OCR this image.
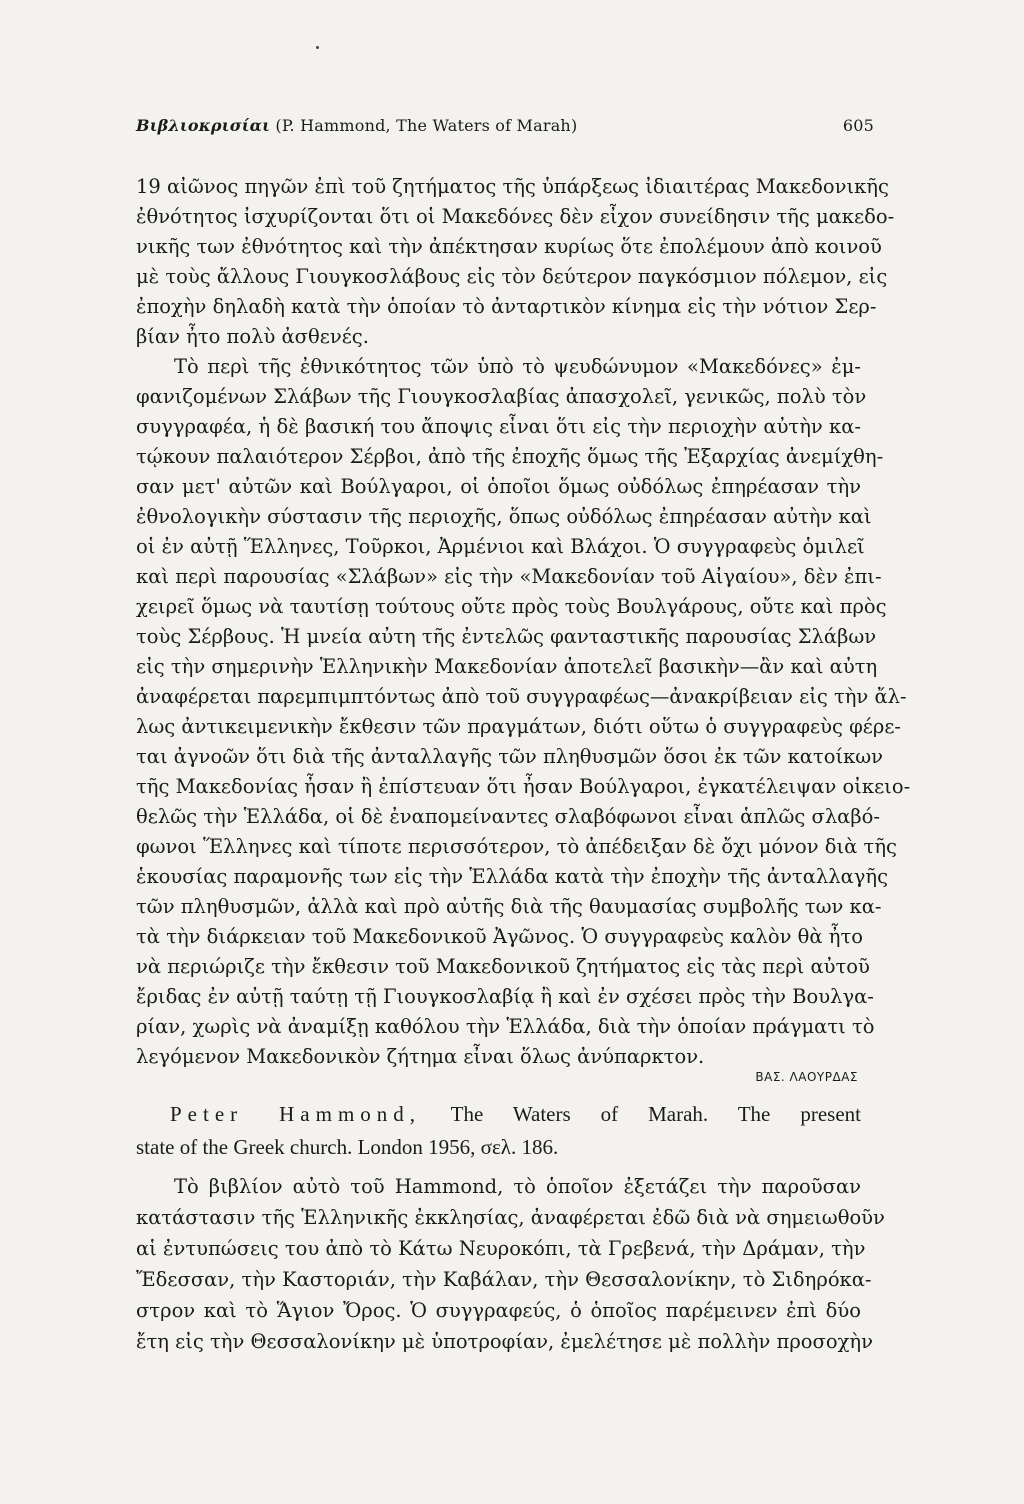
Βιβλιοκρισίαι (P. Hammond, The Waters of Marah)	605
19 αἰῶνος πηγῶν ἐπὶ τοῦ ζητήματος τῆς ὑπάρξεως ἰδιαιτέρας Μακεδονικῆς
ἐθνότητος ἰσχυρίζονται ὅτι οἱ Μακεδόνες δὲν εἶχον συνείδησιν τῆς μακεδο-
νικῆς των ἐθνότητος καὶ τὴν ἀπέκτησαν κυρίως ὅτε ἐπολέμουν ἀπὸ κοινοῦ
μὲ τοὺς ἄλλους Γιουγκοσλάβους εἰς τὸν δεύτερον παγκόσμιον πόλεμον, εἰς
ἐποχὴν δηλαδὴ κατὰ τὴν ὁποίαν τὸ ἀνταρτικὸν κίνημα εἰς τὴν νότιον Σερ-
βίαν ἦτο πολὺ ἀσθενές.
Τὸ περὶ τῆς ἐθνικότητος τῶν ὑπὸ τὸ ψευδώνυμον «Μακεδόνες» ἐμ-
φανιζομένων Σλάβων τῆς Γιουγκοσλαβίας ἀπασχολεῖ, γενικῶς, πολὺ τὸν
συγγραφέα, ἡ δὲ βασική του ἄποψις εἶναι ὅτι εἰς τὴν περιοχὴν αὐτὴν κα-
τῴκουν παλαιότερον Σέρβοι, ἀπὸ τῆς ἐποχῆς ὅμως τῆς Ἐξαρχίας ἀνεμίχθη-
σαν μετ' αὐτῶν καὶ Βούλγαροι, οἱ ὁποῖοι ὅμως οὐδόλως ἐπηρέασαν τὴν
ἐθνολογικὴν σύστασιν τῆς περιοχῆς, ὅπως οὐδόλως ἐπηρέασαν αὐτὴν καὶ
οἱ ἐν αὐτῇ Ἕλληνες, Τοῦρκοι, Ἀρμένιοι καὶ Βλάχοι. Ὁ συγγραφεὺς ὁμιλεῖ
καὶ περὶ παρουσίας «Σλάβων» εἰς τὴν «Μακεδονίαν τοῦ Αἰγαίου», δὲν ἐπι-
χειρεῖ ὅμως νὰ ταυτίσῃ τούτους οὔτε πρὸς τοὺς Βουλγάρους, οὔτε καὶ πρὸς
τοὺς Σέρβους. Ἡ μνεία αὐτη τῆς ἐντελῶς φανταστικῆς παρουσίας Σλάβων
εἰς τὴν σημερινὴν Ἑλληνικὴν Μακεδονίαν ἀποτελεῖ βασικὴν—ἂν καὶ αὐτη
ἀναφέρεται παρεμπιμπτόντως ἀπὸ τοῦ συγγραφέως—ἀνακρίβειαν εἰς τὴν ἄλ-
λως ἀντικειμενικὴν ἔκθεσιν τῶν πραγμάτων, διότι οὕτω ὁ συγγραφεὺς φέρε-
ται ἀγνοῶν ὅτι διὰ τῆς ἀνταλλαγῆς τῶν πληθυσμῶν ὅσοι ἐκ τῶν κατοίκων
τῆς Μακεδονίας ἦσαν ἢ ἐπίστευαν ὅτι ἦσαν Βούλγαροι, ἐγκατέλειψαν οἰκειο-
θελῶς τὴν Ἑλλάδα, οἱ δὲ ἐναπομείναντες σλαβόφωνοι εἶναι ἁπλῶς σλαβό-
φωνοι Ἕλληνες καὶ τίποτε περισσότερον, τὸ ἀπέδειξαν δὲ ὄχι μόνον διὰ τῆς
ἑκουσίας παραμονῆς των εἰς τὴν Ἑλλάδα κατὰ τὴν ἐποχὴν τῆς ἀνταλλαγῆς
τῶν πληθυσμῶν, ἀλλὰ καὶ πρὸ αὐτῆς διὰ τῆς θαυμασίας συμβολῆς των κα-
τὰ τὴν διάρκειαν τοῦ Μακεδονικοῦ Ἀγῶνος. Ὁ συγγραφεὺς καλὸν θὰ ἦτο
νὰ περιώριζε τὴν ἔκθεσιν τοῦ Μακεδονικοῦ ζητήματος εἰς τὰς περὶ αὐτοῦ
ἔριδας ἐν αὐτῇ ταύτῃ τῇ Γιουγκοσλαβίᾳ ἢ καὶ ἐν σχέσει πρὸς τὴν Βουλγα-
ρίαν, χωρὶς νὰ ἀναμίξῃ καθόλου τὴν Ἑλλάδα, διὰ τὴν ὁποίαν πράγματι τὸ
λεγόμενον Μακεδονικὸν ζήτημα εἶναι ὅλως ἀνύπαρκτον.
ΒΑΣ. ΛΑΟΥΡΔΑΣ
Peter Hammond, The Waters of Marah. The present
state of the Greek church. London 1956, σελ. 186.
Τὸ βιβλίον αὐτὸ τοῦ Hammond, τὸ ὁποῖον ἐξετάζει τὴν παροῦσαν
κατάστασιν τῆς Ἑλληνικῆς ἐκκλησίας, ἀναφέρεται ἐδῶ διὰ νὰ σημειωθοῦν
αἱ ἐντυπώσεις του ἀπὸ τὸ Κάτω Νευροκόπι, τὰ Γρεβενά, τὴν Δράμαν, τὴν
Ἔδεσσαν, τὴν Καστοριάν, τὴν Καβάλαν, τὴν Θεσσαλονίκην, τὸ Σιδηρόκα-
στρον καὶ τὸ Ἅγιον Ὄρος. Ὁ συγγραφεύς, ὁ ὁποῖος παρέμεινεν ἐπὶ δύο
ἔτη εἰς τὴν Θεσσαλονίκην μὲ ὑποτροφίαν, ἐμελέτησε μὲ πολλὴν προσοχὴν
